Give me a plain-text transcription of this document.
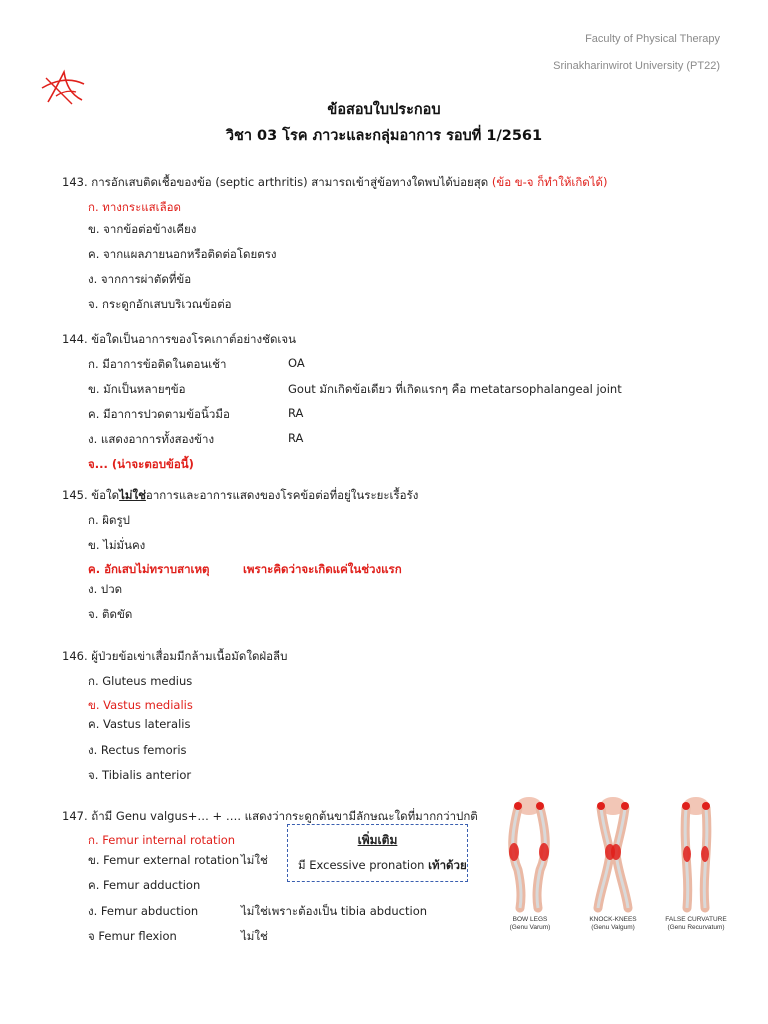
Faculty of Physical Therapy
Srinakharinwirot University (PT22)
ข้อสอบใบประกอบ
วิชา 03 โรค ภาวะและกลุ่มอาการ รอบที่ 1/2561
143. การอักเสบติดเชื้อของข้อ (septic arthritis) สามารถเข้าสู่ข้อทางใดพบได้บ่อยสุด (ข้อ ข-จ ก็ทำให้เกิดได้)
ก. ทางกระแสเลือด
ข. จากข้อต่อข้างเคียง
ค. จากแผลภายนอกหรือติดต่อโดยตรง
ง. จากการผ่าตัดที่ข้อ
จ. กระดูกอักเสบบริเวณข้อต่อ
144. ข้อใดเป็นอาการของโรคเกาต์อย่างชัดเจน
ก. มีอาการข้อติดในตอนเช้า	OA
ข. มักเป็นหลายๆข้อ	Gout มักเกิดข้อเดียว ที่เกิดแรกๆ คือ metatarsophalangeal joint
ค. มีอาการปวดตามข้อนิ้วมือ	RA
ง. แสดงอาการทั้งสองข้าง	RA
จ... (น่าจะตอบข้อนี้)
145. ข้อใดไม่ใช่อาการและอาการแสดงของโรคข้อต่อที่อยู่ในระยะเรื้อรัง
ก. ผิดรูป
ข. ไม่มั่นคง
ค. อักเสบไม่ทราบสาเหตุ	เพราะคิดว่าจะเกิดแค่ในช่วงแรก
ง. ปวด
จ. ติดขัด
146. ผู้ป่วยข้อเข่าเสื่อมมีกล้ามเนื้อมัดใดฝ่อลีบ
ก. Gluteus medius
ข. Vastus medialis
ค. Vastus lateralis
ง. Rectus femoris
จ. Tibialis anterior
147. ถ้ามี Genu valgus+… + …. แสดงว่ากระดูกต้นขามีลักษณะใดที่มากกว่าปกติ
ก. Femur internal rotation
ข. Femur external rotation ไม่ใช่
ค. Femur adduction
ง. Femur abduction	ไม่ใช่เพราะต้องเป็น tibia abduction
จ Femur flexion	ไม่ใช่
เพิ่มเติม
มี Excessive pronation เท้าด้วย
BOW LEGS
(Genu Varum)
KNOCK-KNEES
(Genu Valgum)
FALSE CURVATURE
(Genu Recurvatum)
